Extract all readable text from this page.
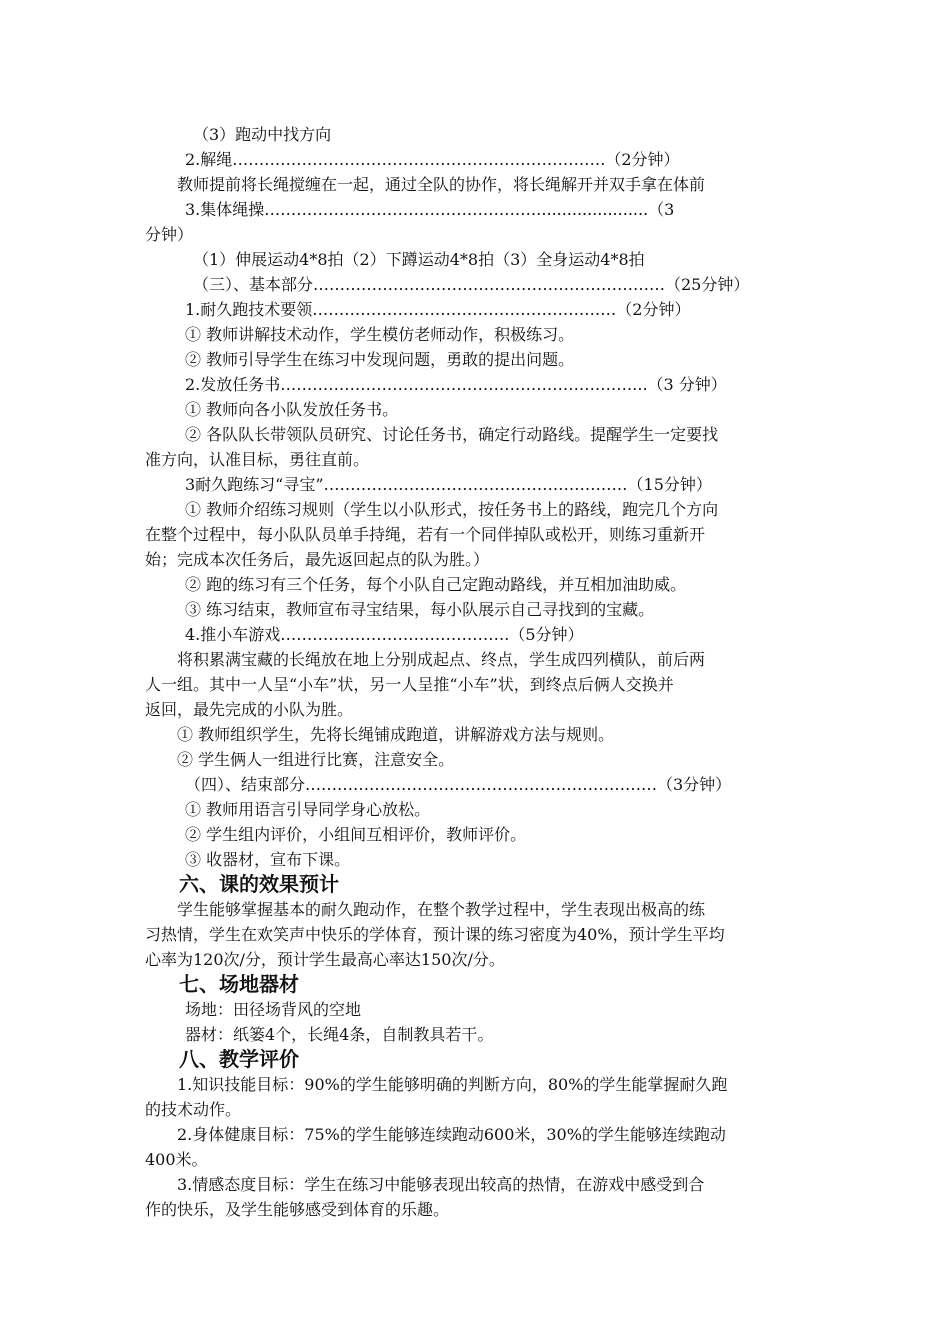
（3）跑动中找方向
2.解绳…………………………………………………………….（2分钟）
教师提前将长绳搅缠在一起，通过全队的协作，将长绳解开并双手拿在体前
3.集体绳操……………………………………………......................（3
分钟）
（1）伸展运动4*8拍（2）下蹲运动4*8拍（3）全身运动4*8拍
（三）、基本部分…………………………………………………………（25分钟）
1.耐久跑技术要领…………………………………………………（2分钟）
① 教师讲解技术动作，学生模仿老师动作，积极练习。
② 教师引导学生在练习中发现问题，勇敢的提出问题。
2.发放任务书…………………………………………………………...（3 分钟）
① 教师向各小队发放任务书。
② 各队队长带领队员研究、讨论任务书，确定行动路线。提醒学生一定要找
准方向，认准目标，勇往直前。
3耐久跑练习“寻宝”…………………………………………………（15分钟）
① 教师介绍练习规则（学生以小队形式，按任务书上的路线，跑完几个方向
在整个过程中，每小队队员单手持绳，若有一个同伴掉队或松开，则练习重新开
始；完成本次任务后，最先返回起点的队为胜。）
② 跑的练习有三个任务，每个小队自己定跑动路线，并互相加油助威。
③ 练习结束，教师宣布寻宝结果，每小队展示自己寻找到的宝藏。
4.推小车游戏…………………………………….（5分钟）
将积累满宝藏的长绳放在地上分别成起点、终点，学生成四列横队，前后两
人一组。其中一人呈“小车”状，另一人呈推“小车”状，到终点后俩人交换并
返回，最先完成的小队为胜。
① 教师组织学生，先将长绳铺成跑道，讲解游戏方法与规则。
② 学生俩人一组进行比赛，注意安全。
（四）、结束部分…………………………………………………………（3分钟）
① 教师用语言引导同学身心放松。
② 学生组内评价，小组间互相评价，教师评价。
③ 收器材，宣布下课。
六、课的效果预计
学生能够掌握基本的耐久跑动作，在整个教学过程中，学生表现出极高的练
习热情，学生在欢笑声中快乐的学体育，预计课的练习密度为40%，预计学生平均
心率为120次/分，预计学生最高心率达150次/分。
七、场地器材
场地：田径场背风的空地
器材：纸篓4个，长绳4条，自制教具若干。
八、教学评价
1.知识技能目标：90%的学生能够明确的判断方向，80%的学生能掌握耐久跑
的技术动作。
2.身体健康目标：75%的学生能够连续跑动600米，30%的学生能够连续跑动
400米。
3.情感态度目标：学生在练习中能够表现出较高的热情，在游戏中感受到合
作的快乐，及学生能够感受到体育的乐趣。
